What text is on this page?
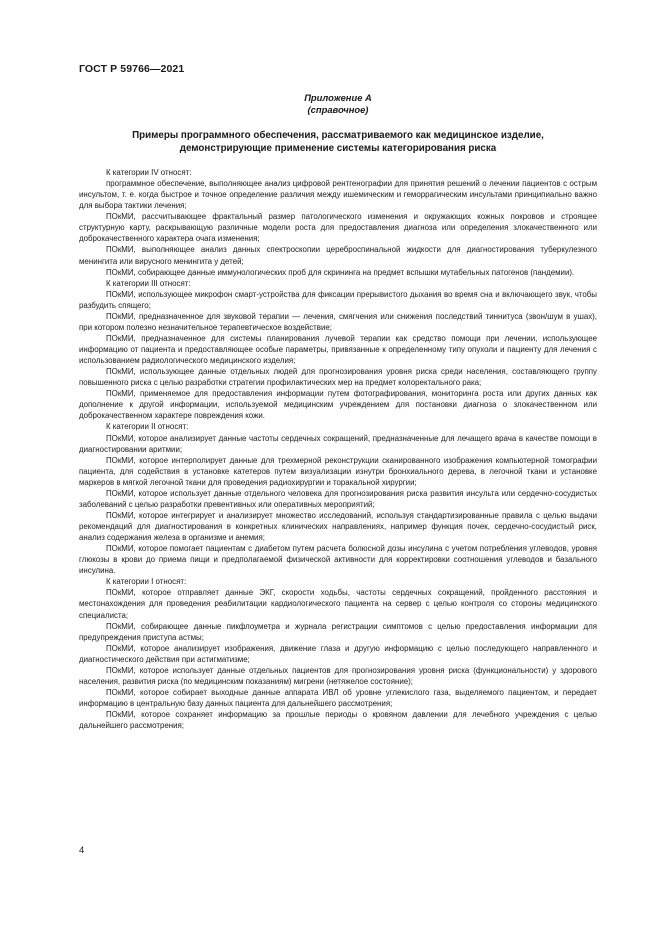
ГОСТ Р 59766—2021
Приложение А
(справочное)
Примеры программного обеспечения, рассматриваемого как медицинское изделие,
демонстрирующие применение системы категорирования риска

К категории IV относят:

программное обеспечение, выполняющее анализ цифровой рентгенографии для принятия решений о лечении пациентов с острым инсультом, т. е. когда быстрое и точное определение различия между ишемическим и геморрагическим инсультами принципиально важно для выбора тактики лечения;

ПОкМИ, рассчитывающее фрактальный размер патологического изменения и окружающих кожных покровов и строящее структурную карту, раскрывающую различные модели роста для предоставления диагноза или определения злокачественного или доброкачественного характера очага изменения;

ПОкМИ, выполняющее анализ данных спектроскопии цереброспинальной жидкости для диагностирования туберкулезного менингита или вирусного менингита у детей;

ПОкМИ, собирающее данные иммунологических проб для скрининга на предмет вспышки мутабельных патогенов (пандемии).

К категории III относят:

ПОкМИ, использующее микрофон смарт-устройства для фиксации прерывистого дыхания во время сна и включающего звук, чтобы разбудить спящего;

ПОкМИ, предназначенное для звуковой терапии — лечения, смягчения или снижения последствий тиннитуса (звон/шум в ушах), при котором полезно незначительное терапевтическое воздействие;

ПОкМИ, предназначенное для системы планирования лучевой терапии как средство помощи при лечении, использующее информацию от пациента и предоставляющее особые параметры, привязанные к определенному типу опухоли и пациенту для лечения с использованием радиологического медицинского изделия;

ПОкМИ, использующее данные отдельных людей для прогнозирования уровня риска среди населения, составляющего группу повышенного риска с целью разработки стратегии профилактических мер на предмет колоректального рака;

ПОкМИ, применяемое для предоставления информации путем фотографирования, мониторинга роста или других данных как дополнение к другой информации, используемой медицинским учреждением для постановки диагноза о злокачественном или доброкачественном характере повреждения кожи.

К категории II относят:

ПОкМИ, которое анализирует данные частоты сердечных сокращений, предназначенные для лечащего врача в качестве помощи в диагностировании аритмии;

ПОкМИ, которое интерполирует данные для трехмерной реконструкции сканированного изображения компьютерной томографии пациента, для содействия в установке катетеров путем визуализации изнутри бронхиального дерева, в легочной ткани и установке маркеров в мягкой легочной ткани для проведения радиохирургии и торакальной хирургии;

ПОкМИ, которое использует данные отдельного человека для прогнозирования риска развития инсульта или сердечно-сосудистых заболеваний с целью разработки превентивных или оперативных мероприятий;

ПОкМИ, которое интегрирует и анализирует множество исследований, используя стандартизированные правила с целью выдачи рекомендаций для диагностирования в конкретных клинических направлениях, например функция почек, сердечно-сосудистый риск, анализ содержания железа в организме и анемия;

ПОкМИ, которое помогает пациентам с диабетом путем расчета болюсной дозы инсулина с учетом потребления углеводов, уровня глюкозы в крови до приема пищи и предполагаемой физической активности для корректировки соотношения углеводов и базального инсулина.

К категории I относят:

ПОкМИ, которое отправляет данные ЭКГ, скорости ходьбы, частоты сердечных сокращений, пройденного расстояния и местонахождения для проведения реабилитации кардиологического пациента на сервер с целью контроля со стороны медицинского специалиста;

ПОкМИ, собирающее данные пикфлоуметра и журнала регистрации симптомов с целью предоставления информации для предупреждения приступа астмы;

ПОкМИ, которое анализирует изображения, движение глаза и другую информацию с целью последующего направленного и диагностического действия при астигматизме;

ПОкМИ, которое использует данные отдельных пациентов для прогнозирования уровня риска (функциональности) у здорового населения, развития риска (по медицинским показаниям) мигрени (нетяжелое состояние);

ПОкМИ, которое собирает выходные данные аппарата ИВЛ об уровне углекислого газа, выделяемого пациентом, и передает информацию в центральную базу данных пациента для дальнейшего рассмотрения;

ПОкМИ, которое сохраняет информацию за прошлые периоды о кровяном давлении для лечебного учреждения с целью дальнейшего рассмотрения;

4
